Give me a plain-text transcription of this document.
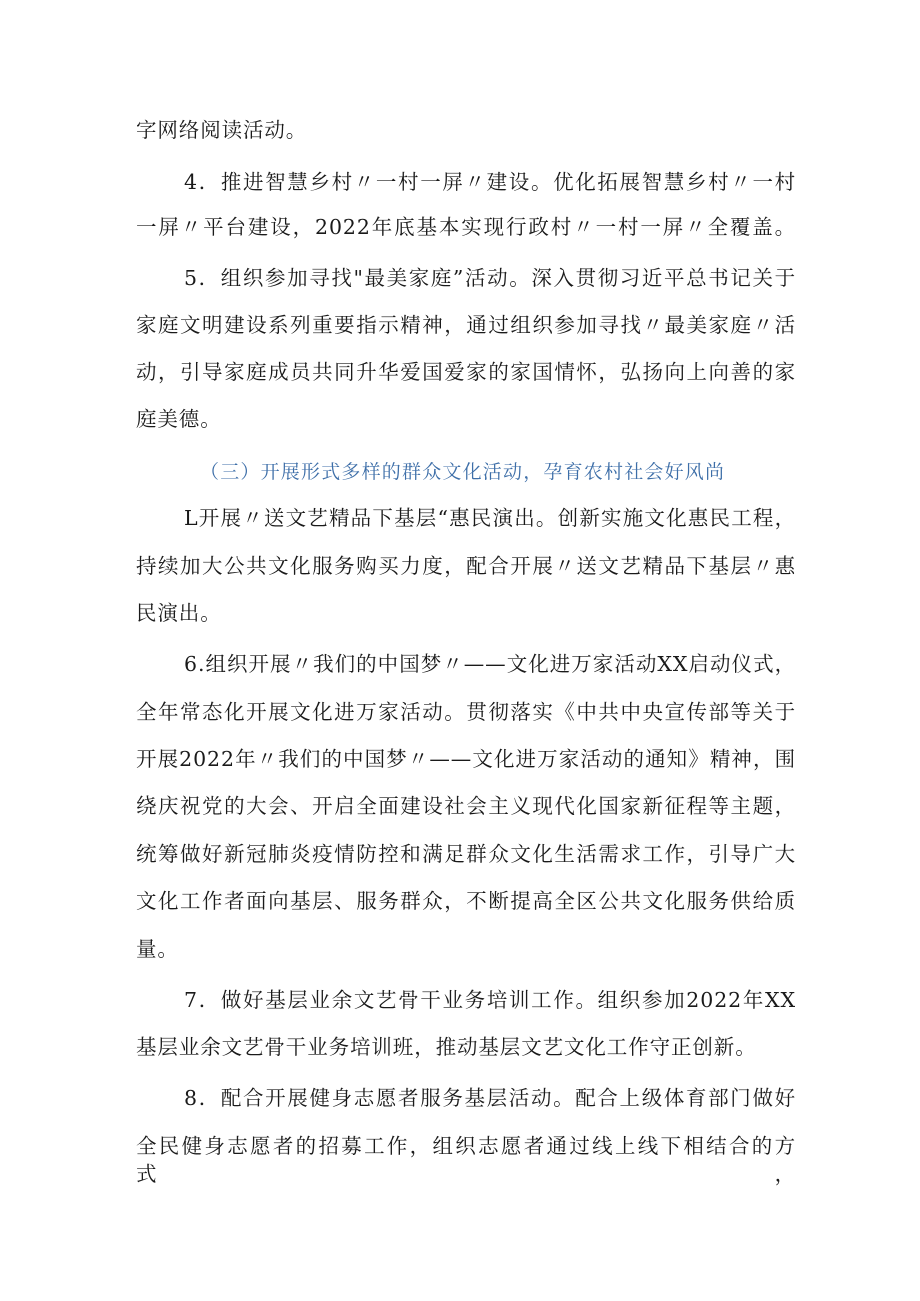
字网络阅读活动。
4．推进智慧乡村〃一村一屏〃建设。优化拓展智慧乡村〃一村
一屏〃平台建设，2022年底基本实现行政村〃一村一屏〃全覆盖。
5．组织参加寻找"最美家庭”活动。深入贯彻习近平总书记关于
家庭文明建设系列重要指示精神，通过组织参加寻找〃最美家庭〃活
动，引导家庭成员共同升华爱国爱家的家国情怀，弘扬向上向善的家
庭美德。
（三）开展形式多样的群众文化活动，孕育农村社会好风尚
L开展〃送文艺精品下基层“惠民演出。创新实施文化惠民工程，
持续加大公共文化服务购买力度，配合开展〃送文艺精品下基层〃惠
民演出。
6.组织开展〃我们的中国梦〃——文化进万家活动XX启动仪式，
全年常态化开展文化进万家活动。贯彻落实《中共中央宣传部等关于
开展2022年〃我们的中国梦〃——文化进万家活动的通知》精神，围
绕庆祝党的大会、开启全面建设社会主义现代化国家新征程等主题，
统筹做好新冠肺炎疫情防控和满足群众文化生活需求工作，引导广大
文化工作者面向基层、服务群众，不断提高全区公共文化服务供给质
量。
7．做好基层业余文艺骨干业务培训工作。组织参加2022年XX
基层业余文艺骨干业务培训班，推动基层文艺文化工作守正创新。
8．配合开展健身志愿者服务基层活动。配合上级体育部门做好
全民健身志愿者的招募工作，组织志愿者通过线上线下相结合的方式，
